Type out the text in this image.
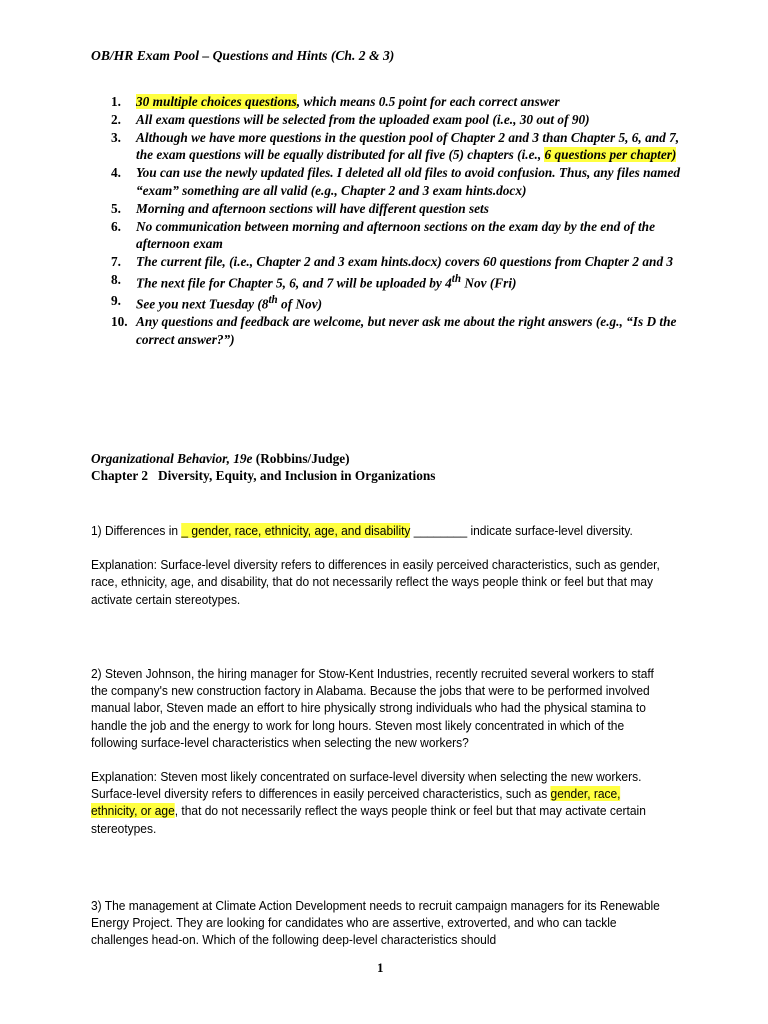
OB/HR Exam Pool – Questions and Hints (Ch. 2 & 3)

1.	30 multiple choices questions, which means 0.5 point for each correct answer
2.	All exam questions will be selected from the uploaded exam pool (i.e., 30 out of 90)
3.	Although we have more questions in the question pool of Chapter 2 and 3 than Chapter 5, 6, and 7, the exam questions will be equally distributed for all five (5) chapters (i.e., 6 questions per chapter)
4.	You can use the newly updated files. I deleted all old files to avoid confusion. Thus, any files named “exam” something are all valid (e.g., Chapter 2 and 3 exam hints.docx)
5.	Morning and afternoon sections will have different question sets
6.	No communication between morning and afternoon sections on the exam day by the end of the afternoon exam
7.	The current file, (i.e., Chapter 2 and 3 exam hints.docx) covers 60 questions from Chapter 2 and 3
8.	The next file for Chapter 5, 6, and 7 will be uploaded by 4th Nov (Fri)
9.	See you next Tuesday (8th of Nov)
10. Any questions and feedback are welcome, but never ask me about the right answers (e.g., “Is D the correct answer?”)

Organizational Behavior, 19e (Robbins/Judge)

Chapter 2   Diversity, Equity, and Inclusion in Organizations

1) Differences in _ gender, race, ethnicity, age, and disability ________ indicate surface-level diversity.
Explanation: Surface-level diversity refers to differences in easily perceived characteristics, such as gender, race, ethnicity, age, and disability, that do not necessarily reflect the ways people think or feel but that may activate certain stereotypes.
2) Steven Johnson, the hiring manager for Stow-Kent Industries, recently recruited several workers to staff the company's new construction factory in Alabama. Because the jobs that were to be performed involved manual labor, Steven made an effort to hire physically strong individuals who had the physical stamina to handle the job and the energy to work for long hours. Steven most likely concentrated in which of the following surface-level characteristics when selecting the new workers?
Explanation: Steven most likely concentrated on surface-level diversity when selecting the new workers. Surface-level diversity refers to differences in easily perceived characteristics, such as gender, race, ethnicity, or age, that do not necessarily reflect the ways people think or feel but that may activate certain stereotypes.
3) The management at Climate Action Development needs to recruit campaign managers for its Renewable Energy Project. They are looking for candidates who are assertive, extroverted, and who can tackle challenges head-on. Which of the following deep-level characteristics should
1
